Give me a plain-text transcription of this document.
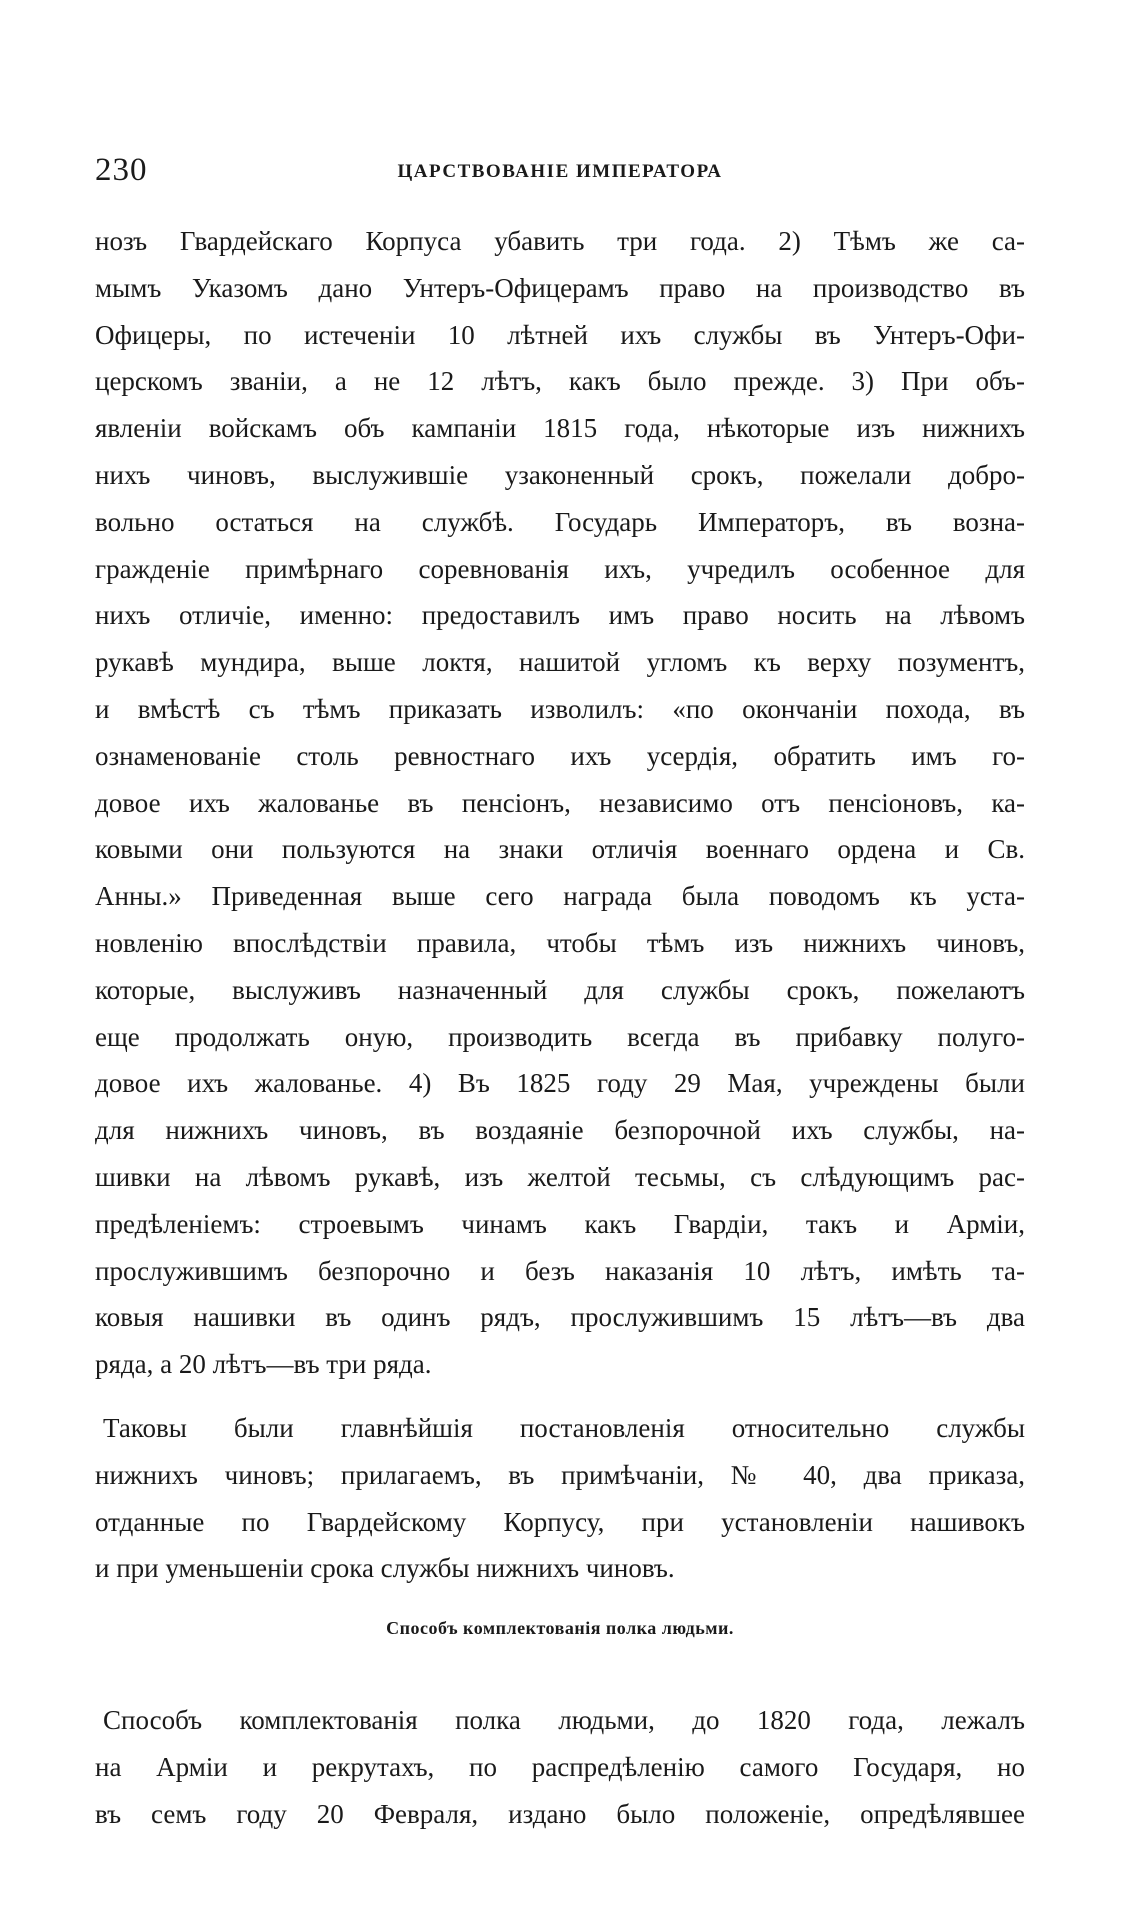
230	ЦАРСТВОВАНІЕ ИМПЕРАТОРА
нозъ Гвардейскаго Корпуса убавить три года. 2) Тѣмъ же са-
мымъ Указомъ дано Унтеръ-Офицерамъ право на производство въ
Офицеры, по истеченіи 10 лѣтней ихъ службы въ Унтеръ-Офи-
церскомъ званіи, а не 12 лѣтъ, какъ было прежде. 3) При объ-
явленіи войскамъ объ кампаніи 1815 года, нѣкоторые изъ нижнихъ
нихъ чиновъ, выслужившіе узаконенный срокъ, пожелали добро-
вольно остаться на службѣ. Государь Императоръ, въ возна-
гражденіе примѣрнаго соревнованія ихъ, учредилъ особенное для
нихъ отличіе, именно: предоставилъ имъ право носить на лѣвомъ
рукавѣ мундира, выше локтя, нашитой угломъ къ верху позументъ,
и вмѣстѣ съ тѣмъ приказать изволилъ: «по окончаніи похода, въ
ознаменованіе столь ревностнаго ихъ усердія, обратить имъ го-
довое ихъ жалованье въ пенсіонъ, независимо отъ пенсіоновъ, ка-
ковыми они пользуются на знаки отличія военнаго ордена и Св.
Анны.» Приведенная выше сего награда была поводомъ къ уста-
новленію впослѣдствіи правила, чтобы тѣмъ изъ нижнихъ чиновъ,
которые, выслуживъ назначенный для службы срокъ, пожелаютъ
еще продолжать оную, производить всегда въ прибавку полуго-
довое ихъ жалованье. 4) Въ 1825 году 29 Мая, учреждены были
для нижнихъ чиновъ, въ воздаяніе безпорочной ихъ службы, на-
шивки на лѣвомъ рукавѣ, изъ желтой тесьмы, съ слѣдующимъ рас-
предѣленіемъ: строевымъ чинамъ какъ Гвардіи, такъ и Арміи,
прослужившимъ безпорочно и безъ наказанія 10 лѣтъ, имѣть та-
ковыя нашивки въ одинъ рядъ, прослужившимъ 15 лѣтъ—въ два
ряда, а 20 лѣтъ—въ три ряда.
Таковы были главнѣйшія постановленія относительно службы
нижнихъ чиновъ; прилагаемъ, въ примѣчаніи, № 40, два приказа,
отданные по Гвардейскому Корпусу, при установленіи нашивокъ
и при уменьшеніи срока службы нижнихъ чиновъ.
Способъ комплектованія полка людьми.
Способъ комплектованія полка людьми, до 1820 года, лежалъ
на Арміи и рекрутахъ, по распредѣленію самого Государя, но
въ семъ году 20 Февраля, издано было положеніе, опредѣлявшее
